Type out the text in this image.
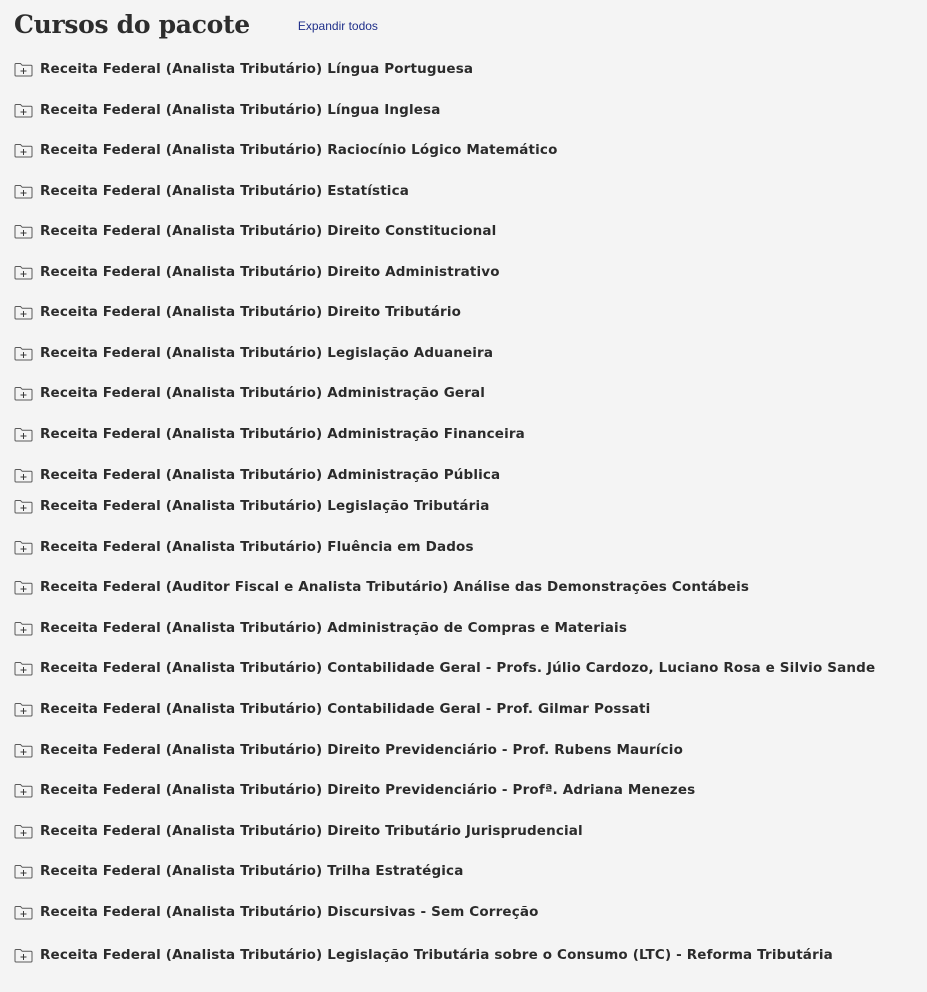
Cursos do pacote	Expandir todos
Receita Federal (Analista Tributário) Língua Portuguesa
Receita Federal (Analista Tributário) Língua Inglesa
Receita Federal (Analista Tributário) Raciocínio Lógico Matemático
Receita Federal (Analista Tributário) Estatística
Receita Federal (Analista Tributário) Direito Constitucional
Receita Federal (Analista Tributário) Direito Administrativo
Receita Federal (Analista Tributário) Direito Tributário
Receita Federal (Analista Tributário) Legislação Aduaneira
Receita Federal (Analista Tributário) Administração Geral
Receita Federal (Analista Tributário) Administração Financeira
Receita Federal (Analista Tributário) Administração Pública
Receita Federal (Analista Tributário) Legislação Tributária
Receita Federal (Analista Tributário) Fluência em Dados
Receita Federal (Auditor Fiscal e Analista Tributário) Análise das Demonstrações Contábeis
Receita Federal (Analista Tributário) Administração de Compras e Materiais
Receita Federal (Analista Tributário) Contabilidade Geral - Profs. Júlio Cardozo, Luciano Rosa e Silvio Sande
Receita Federal (Analista Tributário) Contabilidade Geral - Prof. Gilmar Possati
Receita Federal (Analista Tributário) Direito Previdenciário - Prof. Rubens Maurício
Receita Federal (Analista Tributário) Direito Previdenciário - Profª. Adriana Menezes
Receita Federal (Analista Tributário) Direito Tributário Jurisprudencial
Receita Federal (Analista Tributário) Trilha Estratégica
Receita Federal (Analista Tributário) Discursivas - Sem Correção
Receita Federal (Analista Tributário) Legislação Tributária sobre o Consumo (LTC) - Reforma Tributária
